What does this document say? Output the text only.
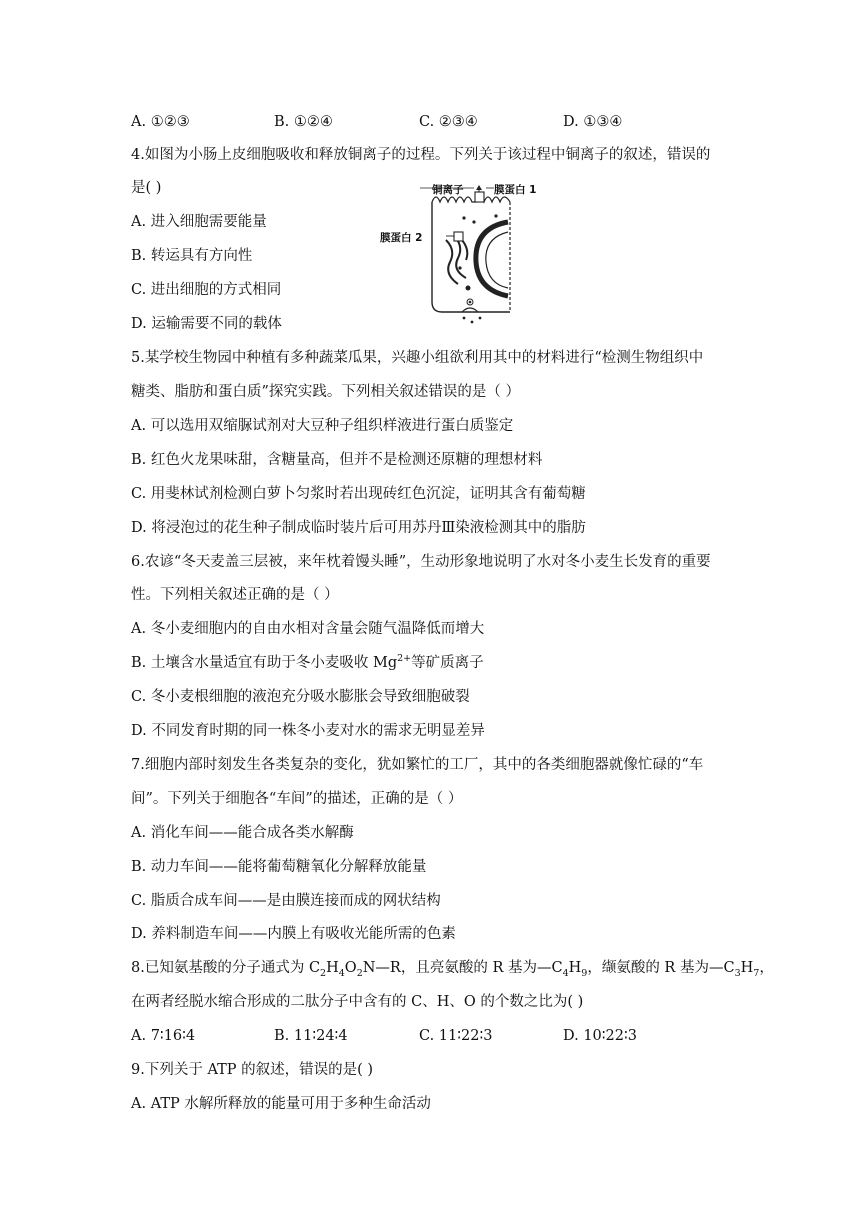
A. ①②③	B. ①②④	C. ②③④	D. ①③④
4.如图为小肠上皮细胞吸收和释放铜离子的过程。下列关于该过程中铜离子的叙述，错误的
是( )
A. 进入细胞需要能量
B. 转运具有方向性
C. 进出细胞的方式相同
D. 运输需要不同的载体
铜离子	膜蛋白 1
膜蛋白 2
5.某学校生物园中种植有多种蔬菜瓜果，兴趣小组欲利用其中的材料进行“检测生物组织中
糖类、脂肪和蛋白质”探究实践。下列相关叙述错误的是（ ）
A. 可以选用双缩脲试剂对大豆种子组织样液进行蛋白质鉴定
B. 红色火龙果味甜，含糖量高，但并不是检测还原糖的理想材料
C. 用斐林试剂检测白萝卜匀浆时若出现砖红色沉淀，证明其含有葡萄糖
D. 将浸泡过的花生种子制成临时装片后可用苏丹Ⅲ染液检测其中的脂肪
6.农谚“冬天麦盖三层被，来年枕着馒头睡”，生动形象地说明了水对冬小麦生长发育的重要
性。下列相关叙述正确的是（ ）
A. 冬小麦细胞内的自由水相对含量会随气温降低而增大
B. 土壤含水量适宜有助于冬小麦吸收 $Mg^{2+}$等矿质离子
C. 冬小麦根细胞的液泡充分吸水膨胀会导致细胞破裂
D. 不同发育时期的同一株冬小麦对水的需求无明显差异
7.细胞内部时刻发生各类复杂的变化，犹如繁忙的工厂，其中的各类细胞器就像忙碌的“车
间”。下列关于细胞各“车间”的描述，正确的是（ ）
A. 消化车间——能合成各类水解酶
B. 动力车间——能将葡萄糖氧化分解释放能量
C. 脂质合成车间——是由膜连接而成的网状结构
D. 养料制造车间——内膜上有吸收光能所需的色素
8.已知氨基酸的分子通式为 $C_2H_4O_2N—R$，且亮氨酸的 R 基为$—C_4H_9$，缬氨酸的 R 基为$—C_3H_7$，
在两者经脱水缩合形成的二肽分子中含有的 C、H、O 的个数之比为( )
A. 7∶16∶4	B. 11∶24∶4	C. 11∶22∶3	D. 10∶22∶3
9.下列关于 ATP 的叙述，错误的是( )
A. ATP 水解所释放的能量可用于多种生命活动
